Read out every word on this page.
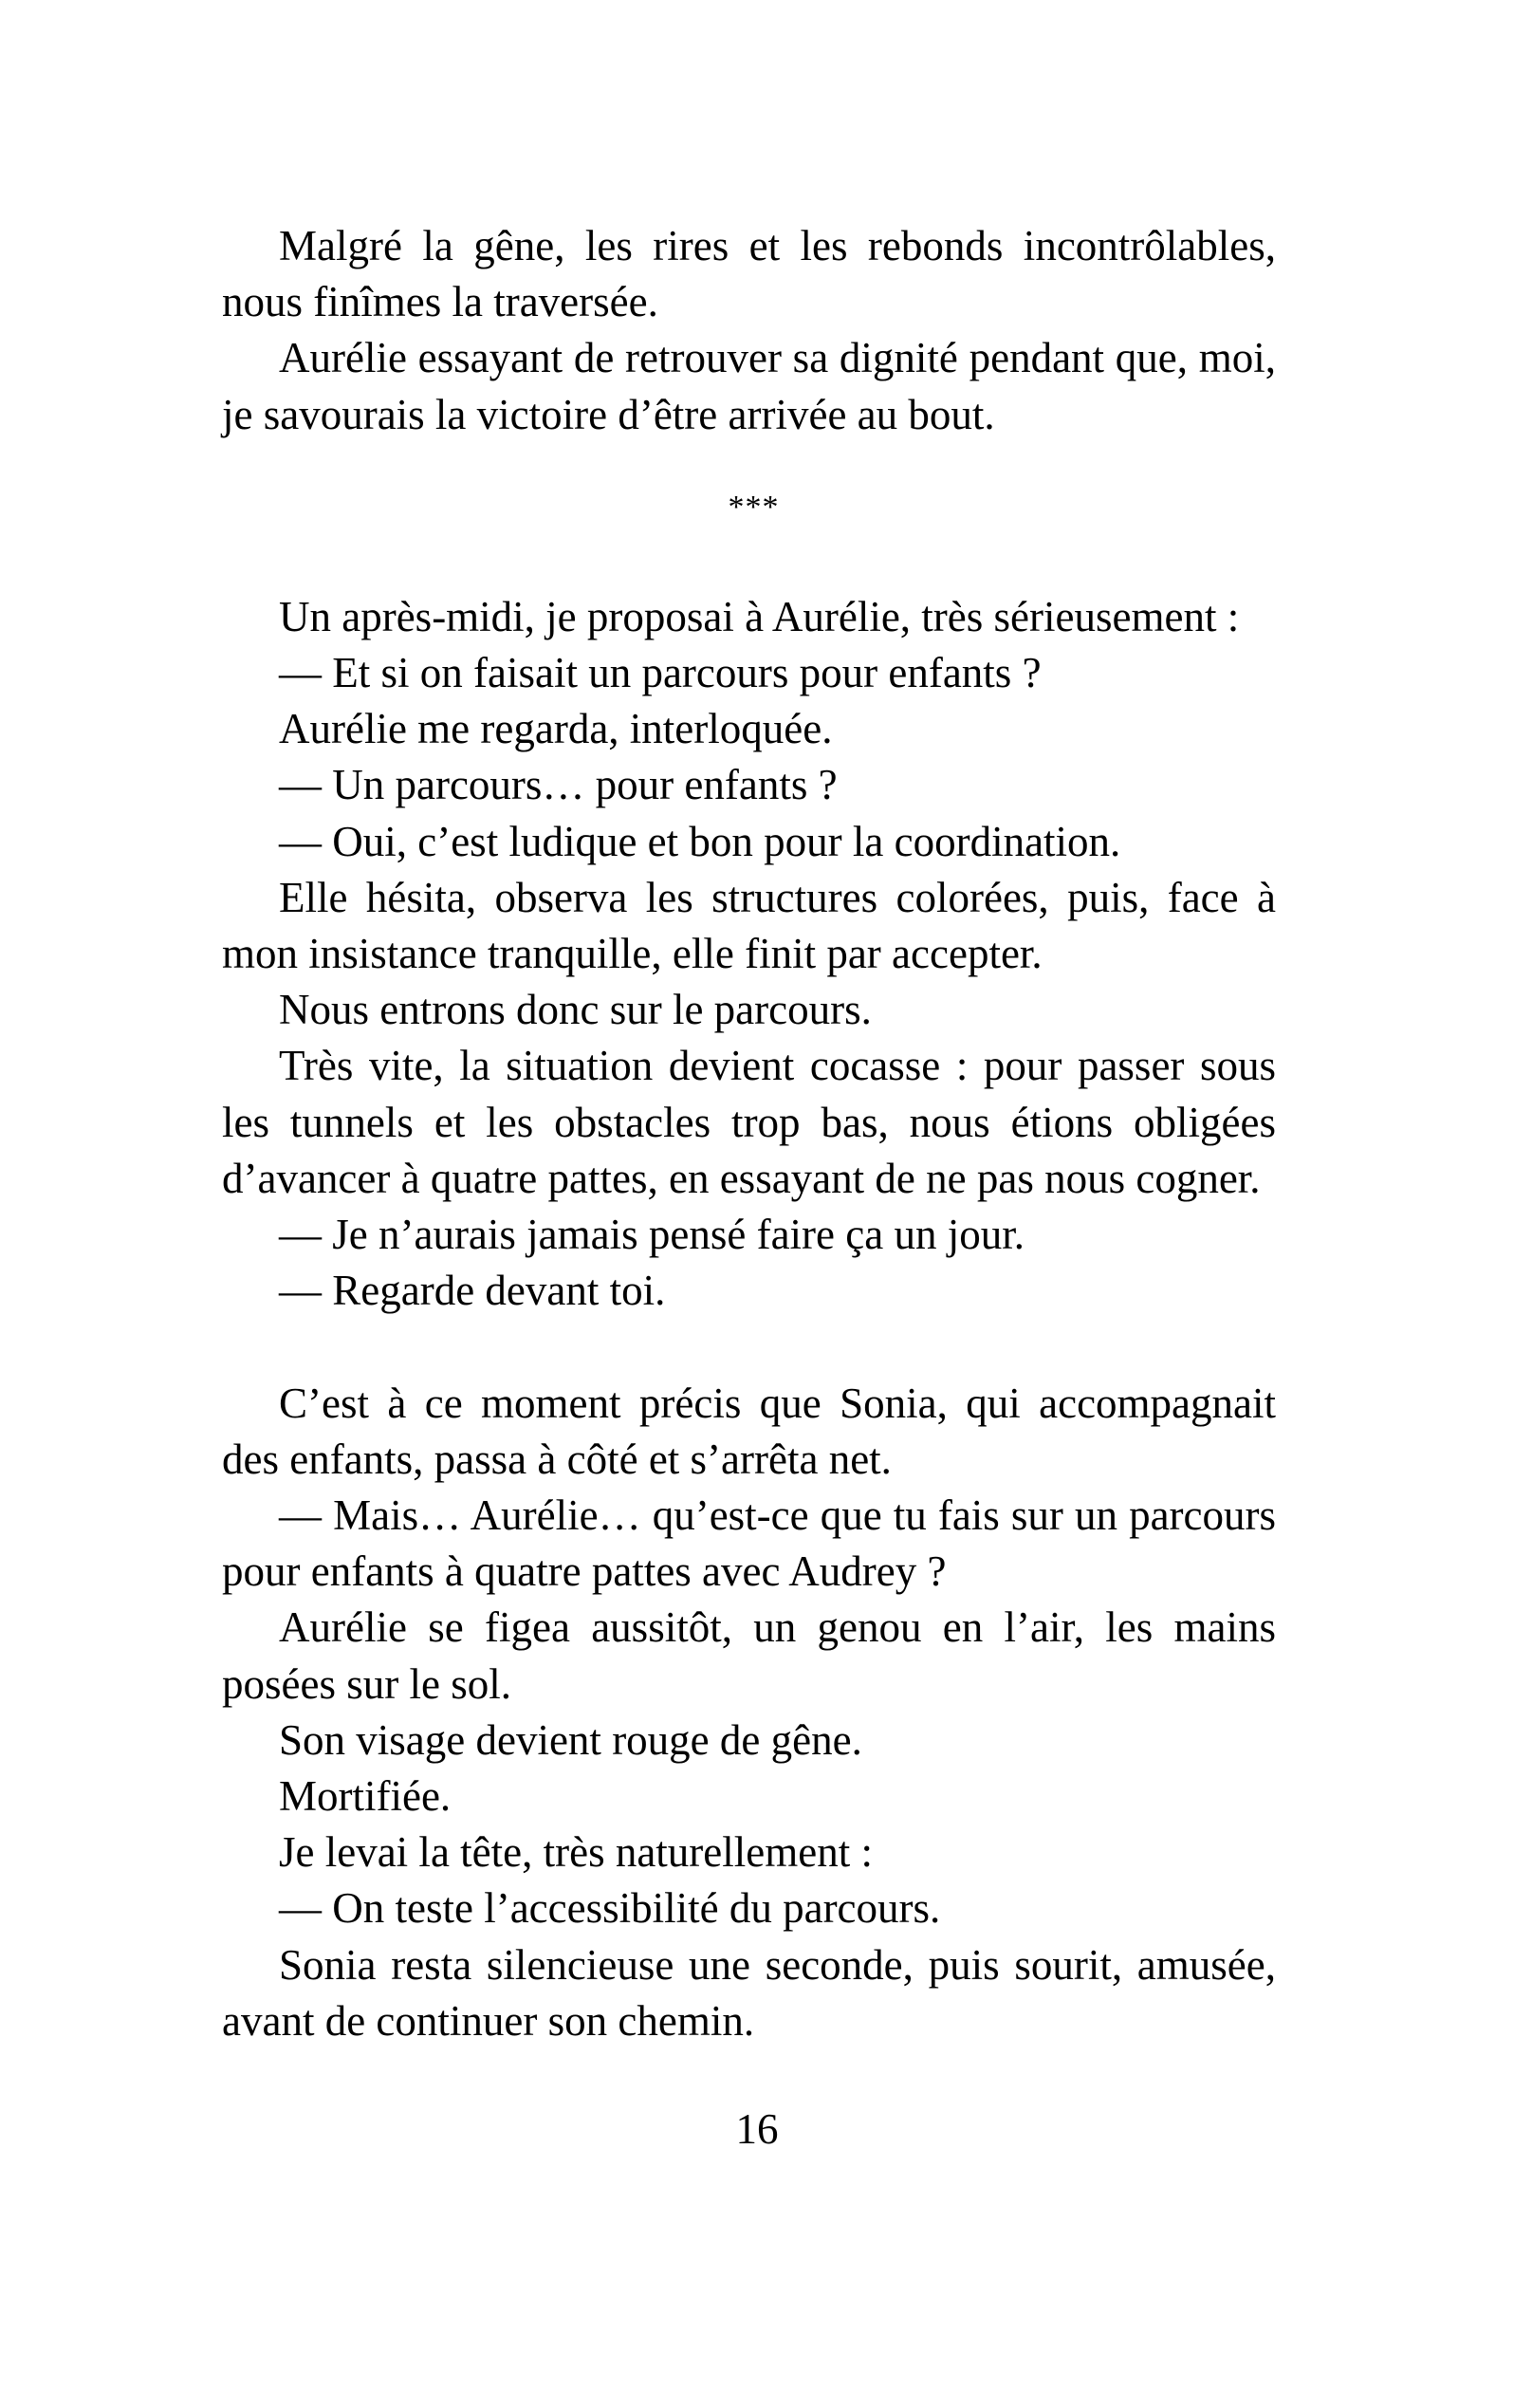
Malgré la gêne, les rires et les rebonds incontrôlables, nous finîmes la traversée.

Aurélie essayant de retrouver sa dignité pendant que, moi, je savourais la victoire d’être arrivée au bout.

***

Un après-midi, je proposai à Aurélie, très sérieusement :

— Et si on faisait un parcours pour enfants ?

Aurélie me regarda, interloquée.

— Un parcours… pour enfants ?

— Oui, c’est ludique et bon pour la coordination.

Elle hésita, observa les structures colorées, puis, face à mon insistance tranquille, elle finit par accepter.

Nous entrons donc sur le parcours.

Très vite, la situation devient cocasse : pour passer sous les tunnels et les obstacles trop bas, nous étions obligées d’avancer à quatre pattes, en essayant de ne pas nous cogner.

— Je n’aurais jamais pensé faire ça un jour.

— Regarde devant toi.

C’est à ce moment précis que Sonia, qui accompagnait des enfants, passa à côté et s’arrêta net.

— Mais… Aurélie… qu’est-ce que tu fais sur un parcours pour enfants à quatre pattes avec Audrey ?

Aurélie se figea aussitôt, un genou en l’air, les mains posées sur le sol.

Son visage devient rouge de gêne.

Mortifiée.

Je levai la tête, très naturellement :

— On teste l’accessibilité du parcours.

Sonia resta silencieuse une seconde, puis sourit, amusée, avant de continuer son chemin.

16
